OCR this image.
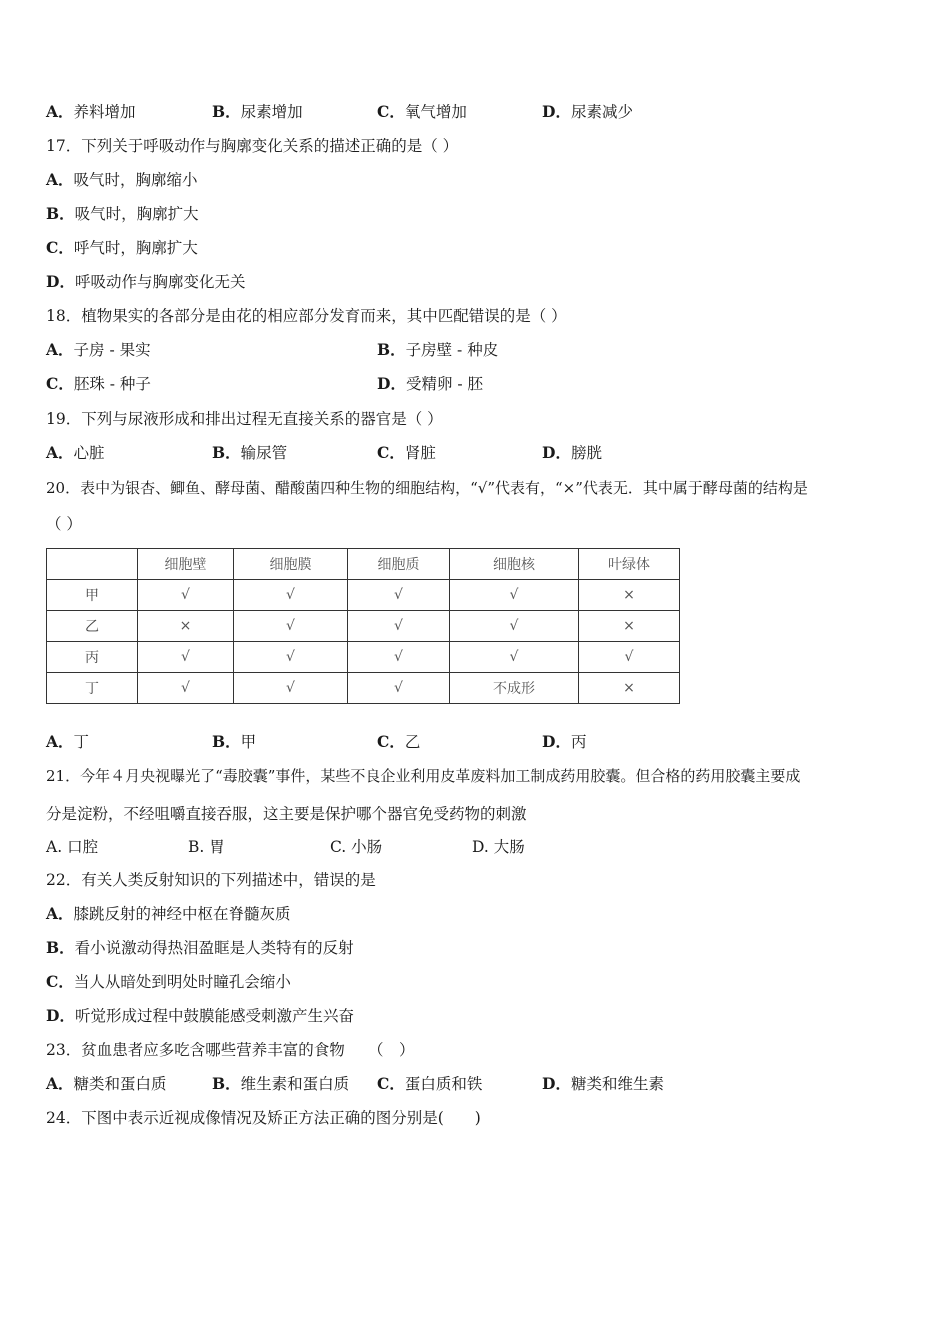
A．养料增加	B．尿素增加	C．氧气增加	D．尿素减少
17．下列关于呼吸动作与胸廓变化关系的描述正确的是（ ）
A．吸气时，胸廓缩小
B．吸气时，胸廓扩大
C．呼气时，胸廓扩大
D．呼吸动作与胸廓变化无关
18．植物果实的各部分是由花的相应部分发育而来，其中匹配错误的是（ ）
A．子房 - 果实	B．子房壁 - 种皮
C．胚珠 - 种子	D．受精卵 - 胚
19．下列与尿液形成和排出过程无直接关系的器官是（ ）
A．心脏	B．输尿管	C．肾脏	D．膀胱
20．表中为银杏、鲫鱼、酵母菌、醋酸菌四种生物的细胞结构，“√”代表有，“×”代表无．其中属于酵母菌的结构是
（ ）
	细胞壁	细胞膜	细胞质	细胞核	叶绿体
甲	√	√	√	√	×
乙	×	√	√	√	×
丙	√	√	√	√	√
丁	√	√	√	不成形	×
A．丁	B．甲	C．乙	D．丙
21．今年４月央视曝光了“毒胶囊”事件，某些不良企业利用皮革废料加工制成药用胶囊。但合格的药用胶囊主要成
分是淀粉，不经咀嚼直接吞服，这主要是保护哪个器官免受药物的刺激
A. 口腔	B. 胃	C. 小肠	D. 大肠
22．有关人类反射知识的下列描述中，错误的是
A．膝跳反射的神经中枢在脊髓灰质
B．看小说激动得热泪盈眶是人类特有的反射
C．当人从暗处到明处时瞳孔会缩小
D．听觉形成过程中鼓膜能感受刺激产生兴奋
23．贫血患者应多吃含哪些营养丰富的食物　　（　）
A．糖类和蛋白质	B．维生素和蛋白质 C．蛋白质和铁	D．糖类和维生素
24．下图中表示近视成像情况及矫正方法正确的图分别是(　　)
